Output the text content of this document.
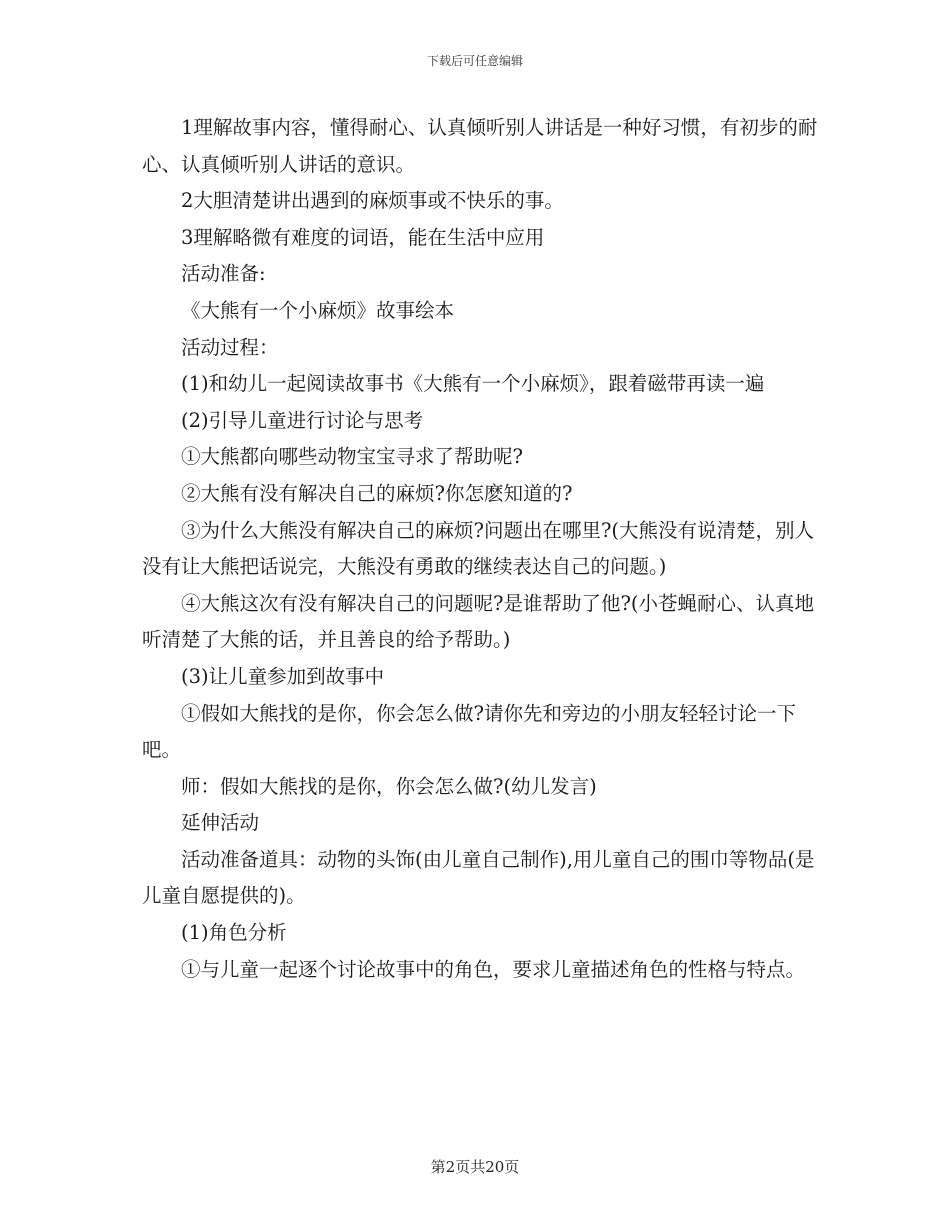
下载后可任意编辑

1理解故事内容，懂得耐心、认真倾听别人讲话是一种好习惯，有初步的耐心、认真倾听别人讲话的意识。

2大胆清楚讲出遇到的麻烦事或不快乐的事。

3理解略微有难度的词语，能在生活中应用

活动准备:

《大熊有一个小麻烦》故事绘本

活动过程：

(1)和幼儿一起阅读故事书《大熊有一个小麻烦》，跟着磁带再读一遍

(2)引导儿童进行讨论与思考

①大熊都向哪些动物宝宝寻求了帮助呢?

②大熊有没有解决自己的麻烦?你怎麽知道的?

③为什么大熊没有解决自己的麻烦?问题出在哪里?(大熊没有说清楚，别人没有让大熊把话说完，大熊没有勇敢的继续表达自己的问题。)

④大熊这次有没有解决自己的问题呢?是谁帮助了他?(小苍蝇耐心、认真地听清楚了大熊的话，并且善良的给予帮助。)

(3)让儿童参加到故事中

①假如大熊找的是你，你会怎么做?请你先和旁边的小朋友轻轻讨论一下吧。

师：假如大熊找的是你，你会怎么做?(幼儿发言)

延伸活动

活动准备道具：动物的头饰(由儿童自己制作),用儿童自己的围巾等物品(是儿童自愿提供的)。

(1)角色分析

①与儿童一起逐个讨论故事中的角色，要求儿童描述角色的性格与特点。

第2页共20页
